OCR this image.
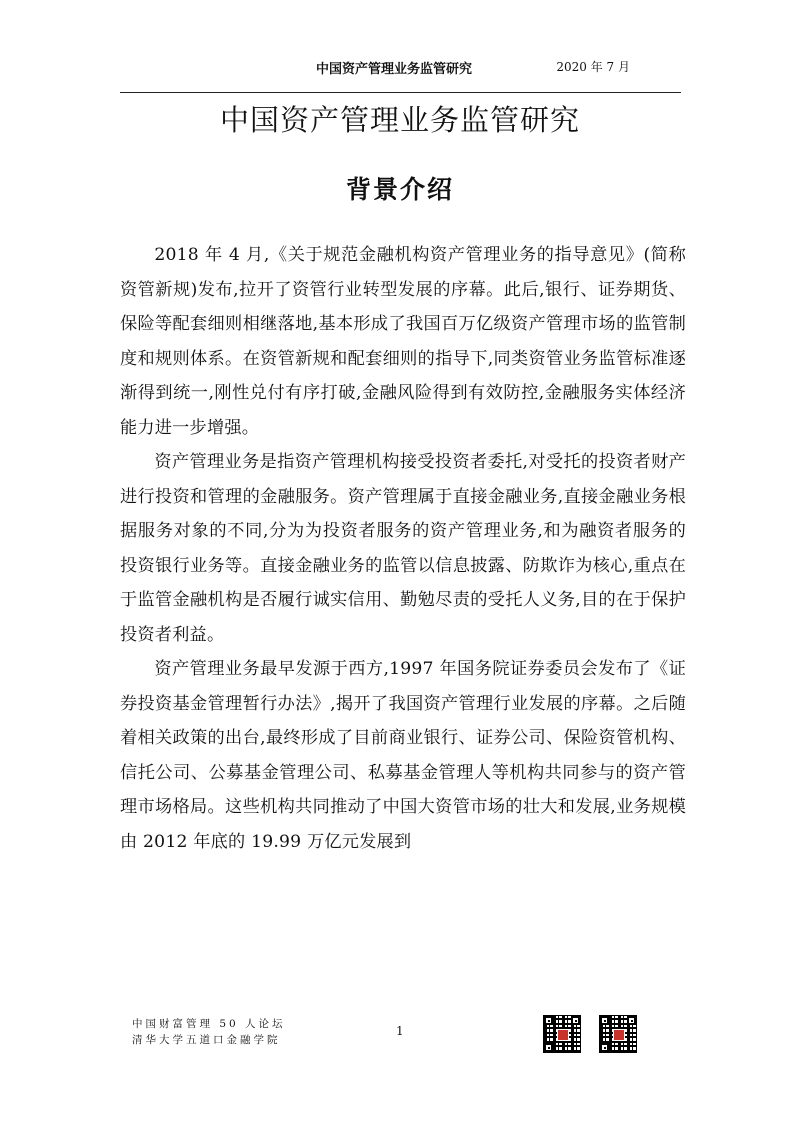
中国资产管理业务监管研究	2020 年 7 月
中国资产管理业务监管研究
背景介绍

2018 年 4 月,《关于规范金融机构资产管理业务的指导意见》(简称资管新规)发布,拉开了资管行业转型发展的序幕。此后,银行、证券期货、保险等配套细则相继落地,基本形成了我国百万亿级资产管理市场的监管制度和规则体系。在资管新规和配套细则的指导下,同类资管业务监管标准逐渐得到统一,刚性兑付有序打破,金融风险得到有效防控,金融服务实体经济能力进一步增强。

资产管理业务是指资产管理机构接受投资者委托,对受托的投资者财产进行投资和管理的金融服务。资产管理属于直接金融业务,直接金融业务根据服务对象的不同,分为为投资者服务的资产管理业务,和为融资者服务的投资银行业务等。直接金融业务的监管以信息披露、防欺诈为核心,重点在于监管金融机构是否履行诚实信用、勤勉尽责的受托人义务,目的在于保护投资者利益。

资产管理业务最早发源于西方,1997 年国务院证券委员会发布了《证券投资基金管理暂行办法》,揭开了我国资产管理行业发展的序幕。之后随着相关政策的出台,最终形成了目前商业银行、证券公司、保险资管机构、信托公司、公募基金管理公司、私募基金管理人等机构共同参与的资产管理市场格局。这些机构共同推动了中国大资管市场的壮大和发展,业务规模由 2012 年底的 19.99 万亿元发展到

中国财富管理 50 人论坛
清华大学五道口金融学院
1
